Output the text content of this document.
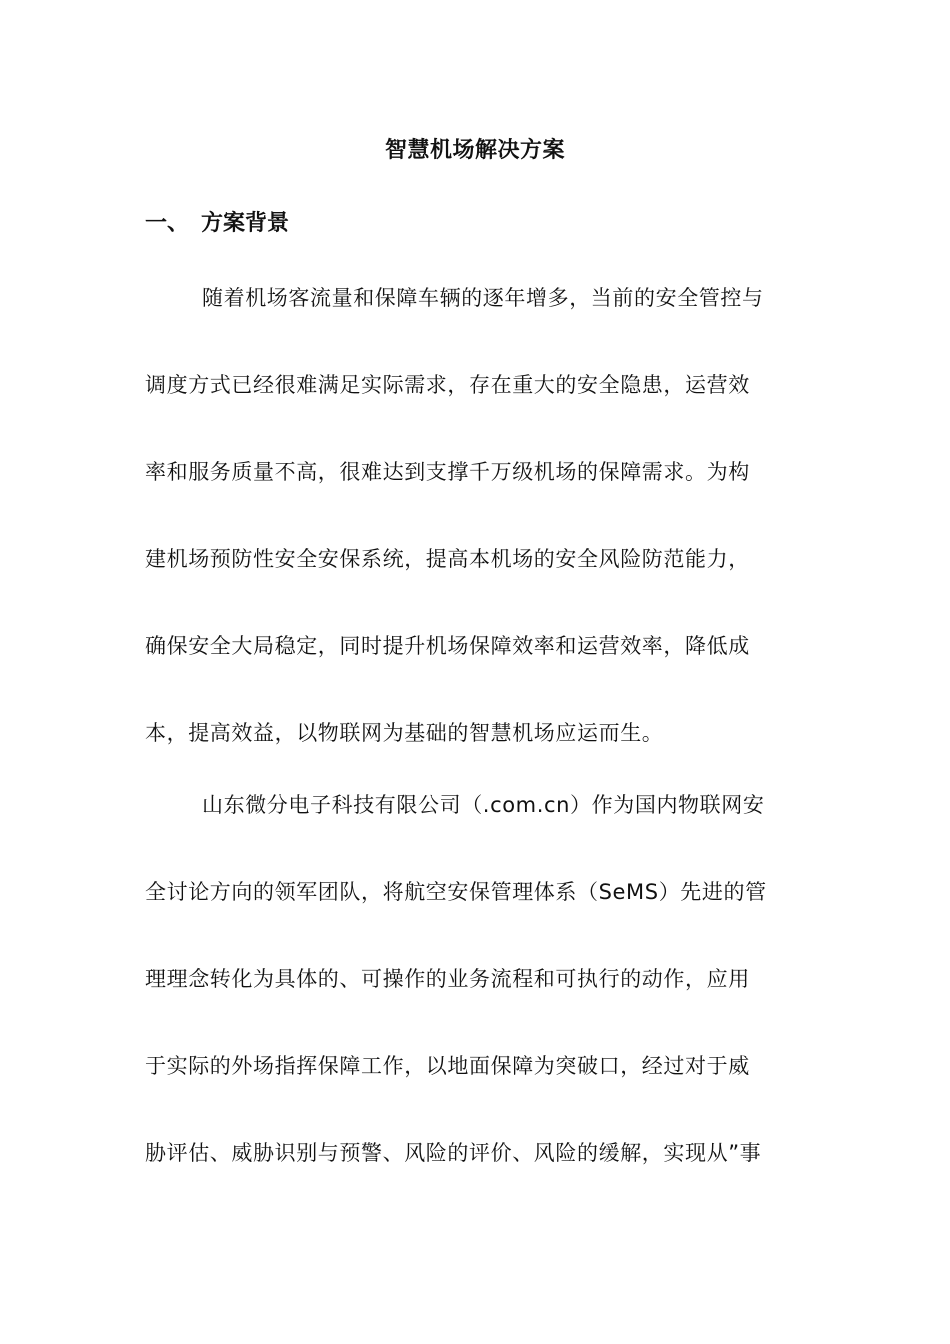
智慧机场解决方案
一、 方案背景
随着机场客流量和保障车辆的逐年增多，当前的安全管控与
调度方式已经很难满足实际需求，存在重大的安全隐患，运营效
率和服务质量不高，很难达到支撑千万级机场的保障需求。为构
建机场预防性安全安保系统，提高本机场的安全风险防范能力，
确保安全大局稳定，同时提升机场保障效率和运营效率，降低成
本，提高效益，以物联网为基础的智慧机场应运而生。
山东微分电子科技有限公司（.com.cn）作为国内物联网安
全讨论方向的领军团队，将航空安保管理体系（SeMS）先进的管
理理念转化为具体的、可操作的业务流程和可执行的动作，应用
于实际的外场指挥保障工作，以地面保障为突破口，经过对于威
胁评估、威胁识别与预警、风险的评价、风险的缓解，实现从”事
